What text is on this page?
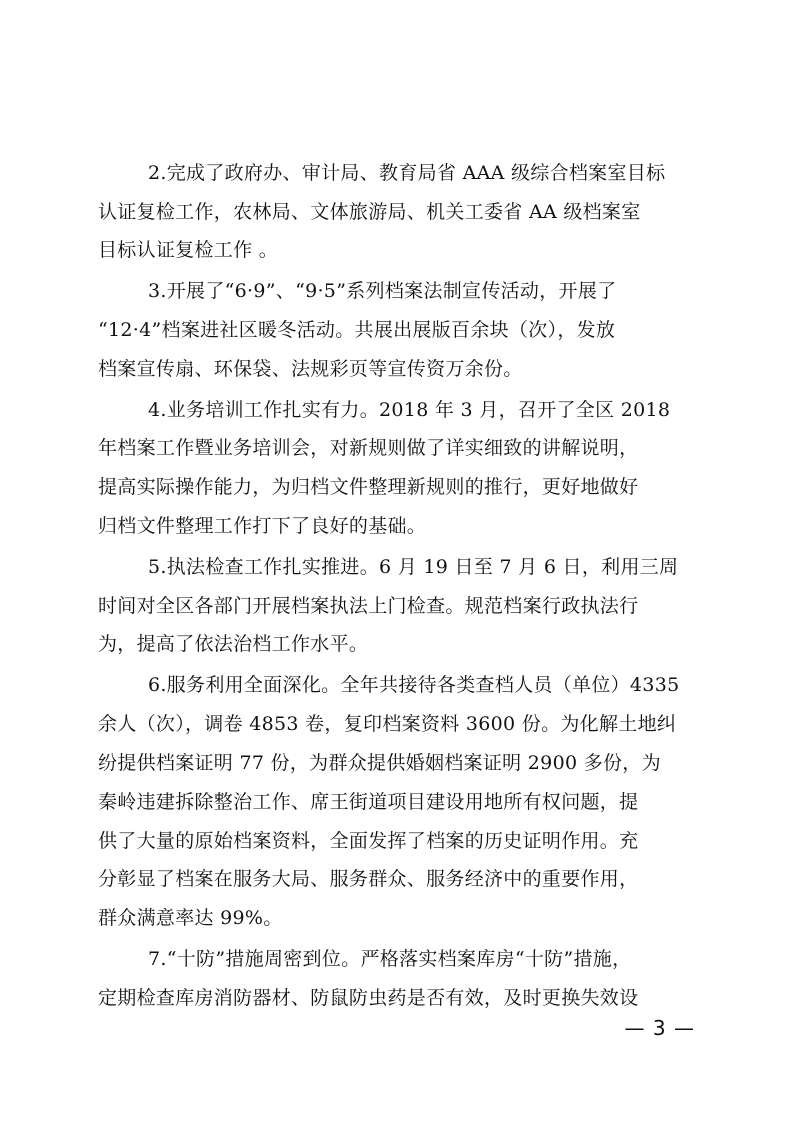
2.完成了政府办、审计局、教育局省 AAA 级综合档案室目标
认证复检工作，农林局、文体旅游局、机关工委省 AA 级档案室
目标认证复检工作 。
3.开展了“6·9”、“9·5”系列档案法制宣传活动，开展了
“12·4”档案进社区暖冬活动。共展出展版百余块（次），发放
档案宣传扇、环保袋、法规彩页等宣传资万余份。
4.业务培训工作扎实有力。2018 年 3 月，召开了全区 2018
年档案工作暨业务培训会，对新规则做了详实细致的讲解说明，
提高实际操作能力，为归档文件整理新规则的推行，更好地做好
归档文件整理工作打下了良好的基础。
5.执法检查工作扎实推进。6 月 19 日至 7 月 6 日，利用三周
时间对全区各部门开展档案执法上门检查。规范档案行政执法行
为，提高了依法治档工作水平。
6.服务利用全面深化。全年共接待各类查档人员（单位）4335
余人（次），调卷 4853 卷，复印档案资料 3600 份。为化解土地纠
纷提供档案证明 77 份，为群众提供婚姻档案证明 2900 多份，为
秦岭违建拆除整治工作、席王街道项目建设用地所有权问题，提
供了大量的原始档案资料，全面发挥了档案的历史证明作用。充
分彰显了档案在服务大局、服务群众、服务经济中的重要作用，
群众满意率达 99%。
7.“十防”措施周密到位。严格落实档案库房“十防”措施，
定期检查库房消防器材、防鼠防虫药是否有效，及时更换失效设
— 3 —
